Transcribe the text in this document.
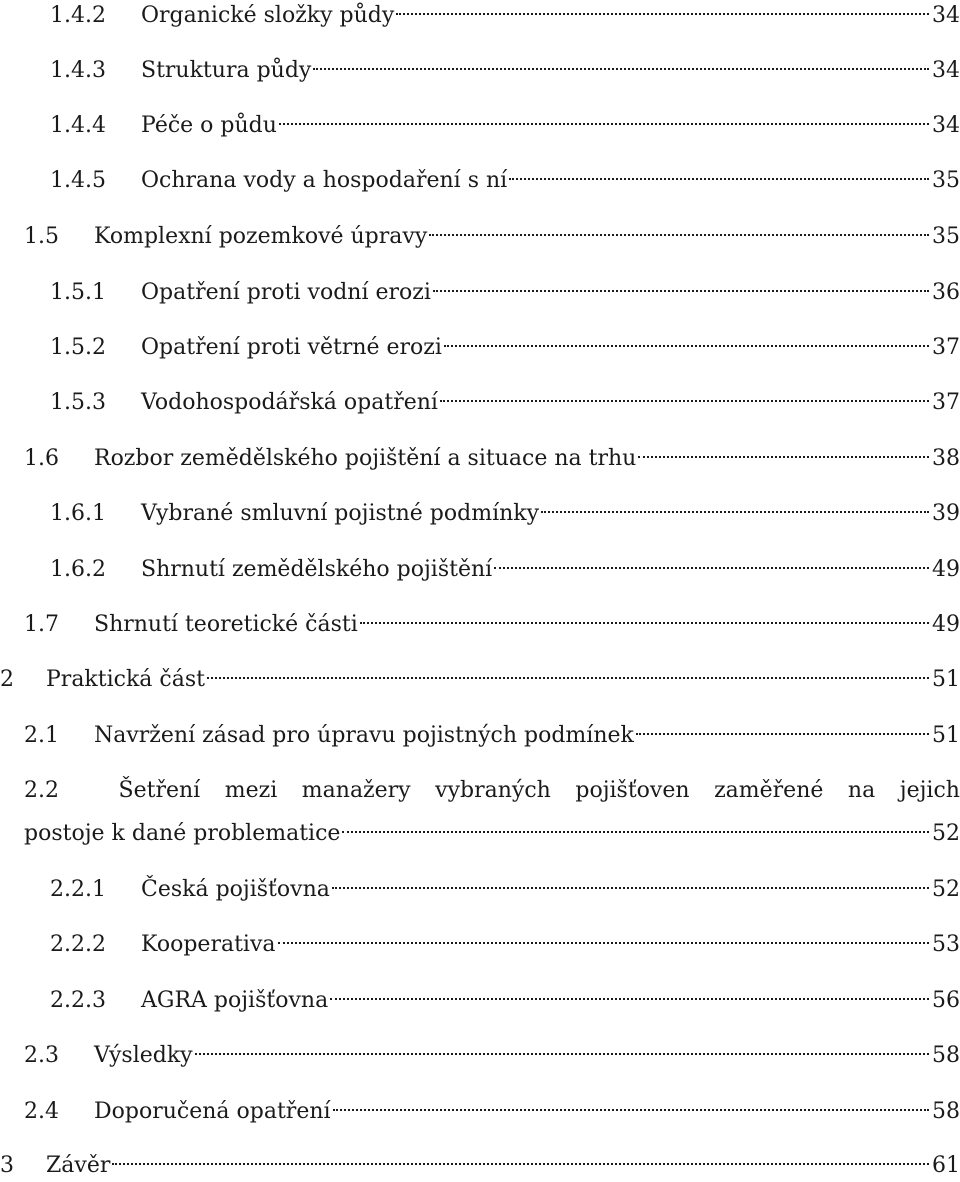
1.4.2	Organické složky půdy	34
1.4.3	Struktura půdy	34
1.4.4	Péče o půdu	34
1.4.5	Ochrana vody a hospodaření s ní	35
1.5	Komplexní pozemkové úpravy	35
1.5.1	Opatření proti vodní erozi	36
1.5.2	Opatření proti větrné erozi	37
1.5.3	Vodohospodářská opatření	37
1.6	Rozbor zemědělského pojištění a situace na trhu	38
1.6.1	Vybrané smluvní pojistné podmínky	39
1.6.2	Shrnutí zemědělského pojištění	49
1.7	Shrnutí teoretické části	49
2	Praktická část	51
2.1	Navržení zásad pro úpravu pojistných podmínek	51
2.2	Šetření mezi manažery vybraných pojišťoven zaměřené na jejich
postoje k dané problematice	52
2.2.1	Česká pojišťovna	52
2.2.2	Kooperativa	53
2.2.3	AGRA pojišťovna	56
2.3	Výsledky	58
2.4	Doporučená opatření	58
3	Závěr	61
